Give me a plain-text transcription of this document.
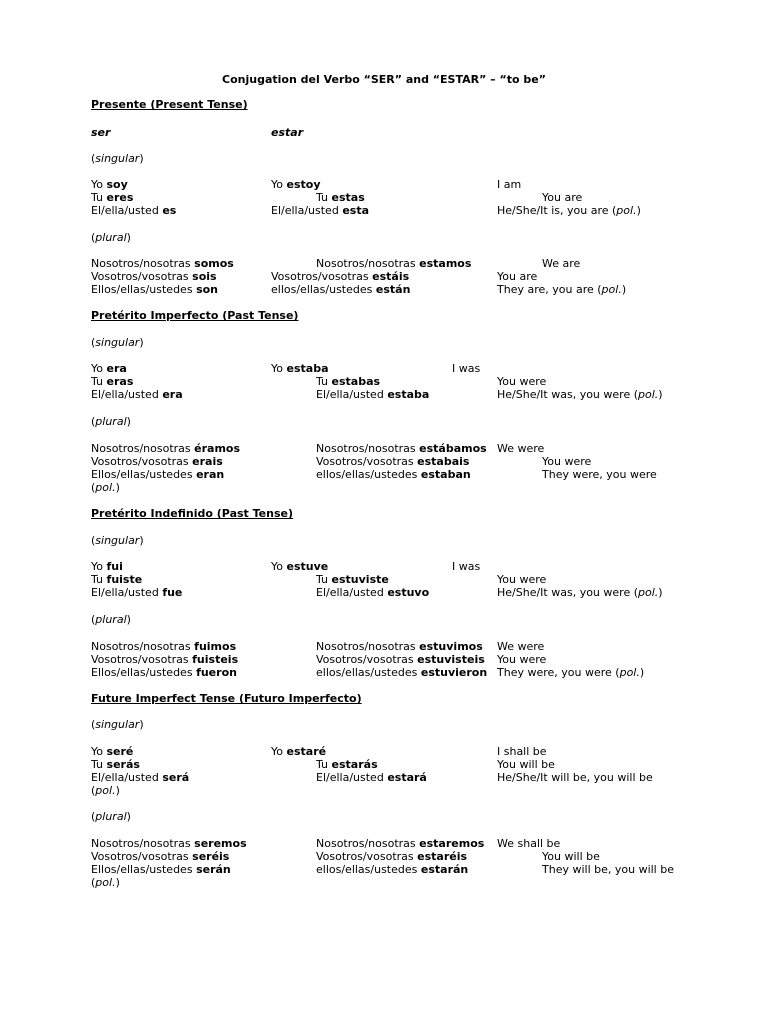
Conjugation del Verbo “SER” and “ESTAR” – “to be”
Presente (Present Tense)
ser	estar
(singular)
Yo soy	Yo estoy	I am
Tu eres	Tu estas	You are
El/ella/usted es	El/ella/usted esta	He/She/It is, you are (pol.)
(plural)
Nosotros/nosotras somos	Nosotros/nosotras estamos	We are
Vosotros/vosotras sois	Vosotros/vosotras estáis	You are
Ellos/ellas/ustedes son	ellos/ellas/ustedes están	They are, you are (pol.)
Pretérito Imperfecto (Past Tense)
(singular)
Yo era	Yo estaba	I was
Tu eras	Tu estabas	You were
El/ella/usted era	El/ella/usted estaba	He/She/It was, you were (pol.)
(plural)
Nosotros/nosotras éramos	Nosotros/nosotras estábamos We were
Vosotros/vosotras erais	Vosotros/vosotras estabais	You were
Ellos/ellas/ustedes eran	ellos/ellas/ustedes estaban	They were, you were
(pol.)
Pretérito Indefinido (Past Tense)
(singular)
Yo fui	Yo estuve	I was
Tu fuiste	Tu estuviste	You were
El/ella/usted fue	El/ella/usted estuvo	He/She/It was, you were (pol.)
(plural)
Nosotros/nosotras fuimos	Nosotros/nosotras estuvimos We were
Vosotros/vosotras fuisteis	Vosotros/vosotras estuvisteis You were
Ellos/ellas/ustedes fueron	ellos/ellas/ustedes estuvieron They were, you were (pol.)
Future Imperfect Tense (Futuro Imperfecto)
(singular)
Yo seré	Yo estaré	I shall be
Tu serás	Tu estarás	You will be
El/ella/usted será	El/ella/usted estará	He/She/It will be, you will be
(pol.)
(plural)
Nosotros/nosotras seremos	Nosotros/nosotras estaremos We shall be
Vosotros/vosotras seréis	Vosotros/vosotras estaréis	You will be
Ellos/ellas/ustedes serán	ellos/ellas/ustedes estarán	They will be, you will be
(pol.)
